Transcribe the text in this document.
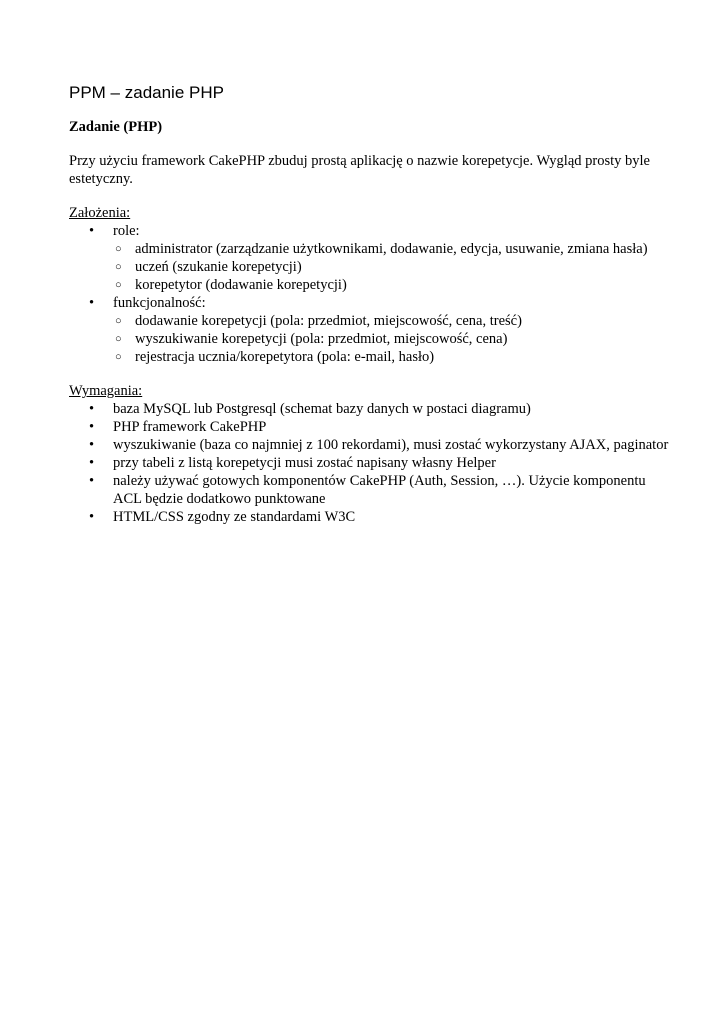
PPM – zadanie PHP
Zadanie (PHP)

Przy użyciu framework CakePHP zbuduj prostą aplikację o nazwie korepetycje. Wygląd prosty byle estetyczny.

Założenia:

• role:
○ administrator (zarządzanie użytkownikami, dodawanie, edycja, usuwanie, zmiana hasła)
○ uczeń (szukanie korepetycji)
○ korepetytor (dodawanie korepetycji)
• funkcjonalność:
○ dodawanie korepetycji (pola: przedmiot, miejscowość, cena, treść)
○ wyszukiwanie korepetycji (pola: przedmiot, miejscowość, cena)
○ rejestracja ucznia/korepetytora (pola: e-mail, hasło)

Wymagania:

• baza MySQL lub Postgresql (schemat bazy danych w postaci diagramu)
• PHP framework CakePHP
• wyszukiwanie (baza co najmniej z 100 rekordami), musi zostać wykorzystany AJAX, paginator
• przy tabeli z listą korepetycji musi zostać napisany własny Helper
• należy używać gotowych komponentów CakePHP (Auth, Session, …). Użycie komponentu ACL będzie dodatkowo punktowane
• HTML/CSS zgodny ze standardami W3C
